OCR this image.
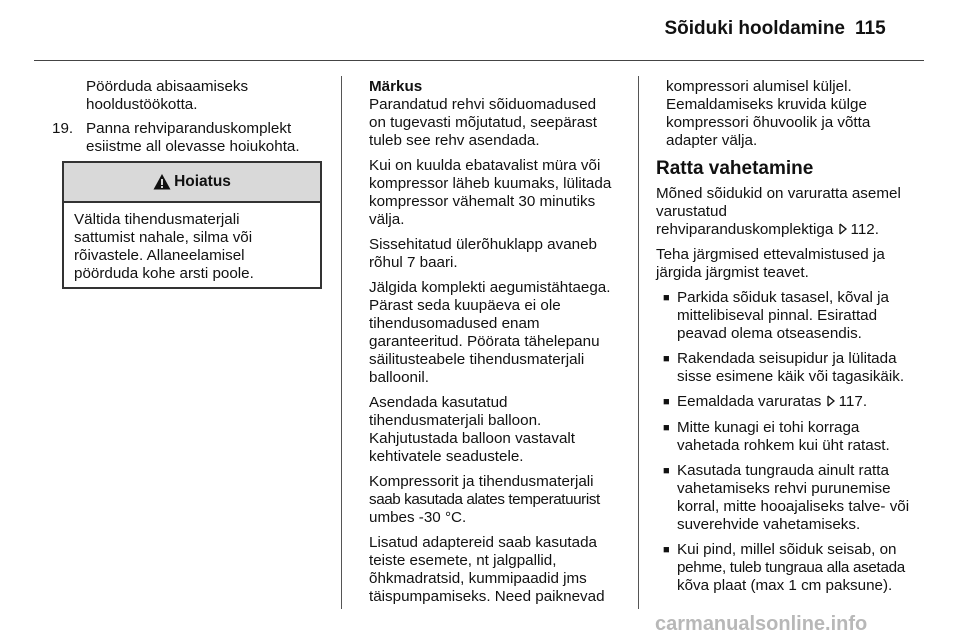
Sõiduki hooldamine 115
Pöörduda abisaamiseks
hooldustöökotta.
19. Panna rehviparanduskomplekt
esiistme all olevasse hoiukohta.
Hoiatus
Vältida tihendusmaterjali
sattumist nahale, silma või
rõivastele. Allaneelamisel
pöörduda kohe arsti poole.

Märkus
Parandatud rehvi sõiduomadused
on tugevasti mõjutatud, seepärast
tuleb see rehv asendada.

Kui on kuulda ebatavalist müra või
kompressor läheb kuumaks, lülitada
kompressor vähemalt 30 minutiks
välja.

Sissehitatud ülerõhuklapp avaneb
rõhul 7 baari.

Jälgida komplekti aegumistähtaega.
Pärast seda kuupäeva ei ole
tihendusomadused enam
garanteeritud. Pöörata tähelepanu
säilitusteabele tihendusmaterjali
balloonil.

Asendada kasutatud
tihendusmaterjali balloon.
Kahjutustada balloon vastavalt
kehtivatele seadustele.

Kompressorit ja tihendusmaterjali
saab kasutada alates temperatuurist
umbes -30 °C.

Lisatud adaptereid saab kasutada
teiste esemete, nt jalgpallid,
õhkmadratsid, kummipaadid jms
täispumpamiseks. Need paiknevad

kompressori alumisel küljel.
Eemaldamiseks kruvida külge
kompressori õhuvoolik ja võtta
adapter välja.

Ratta vahetamine

Mõned sõidukid on varuratta asemel
varustatud
rehviparanduskomplektiga 112.

Teha järgmised ettevalmistused ja
järgida järgmist teavet.

■
Parkida sõiduk tasasel, kõval ja
mittelibiseval pinnal. Esirattad
peavad olema otseasendis.
■
Rakendada seisupidur ja lülitada
sisse esimene käik või tagasikäik.
■
Eemaldada varuratas 117.
■
Mitte kunagi ei tohi korraga
vahetada rohkem kui üht ratast.
■
Kasutada tungrauda ainult ratta
vahetamiseks rehvi purunemise
korral, mitte hooajaliseks talve- või
suverehvide vahetamiseks.
■
Kui pind, millel sõiduk seisab, on
pehme, tuleb tungraua alla asetada
kõva plaat (max 1 cm paksune).
carmanualsonline.info
